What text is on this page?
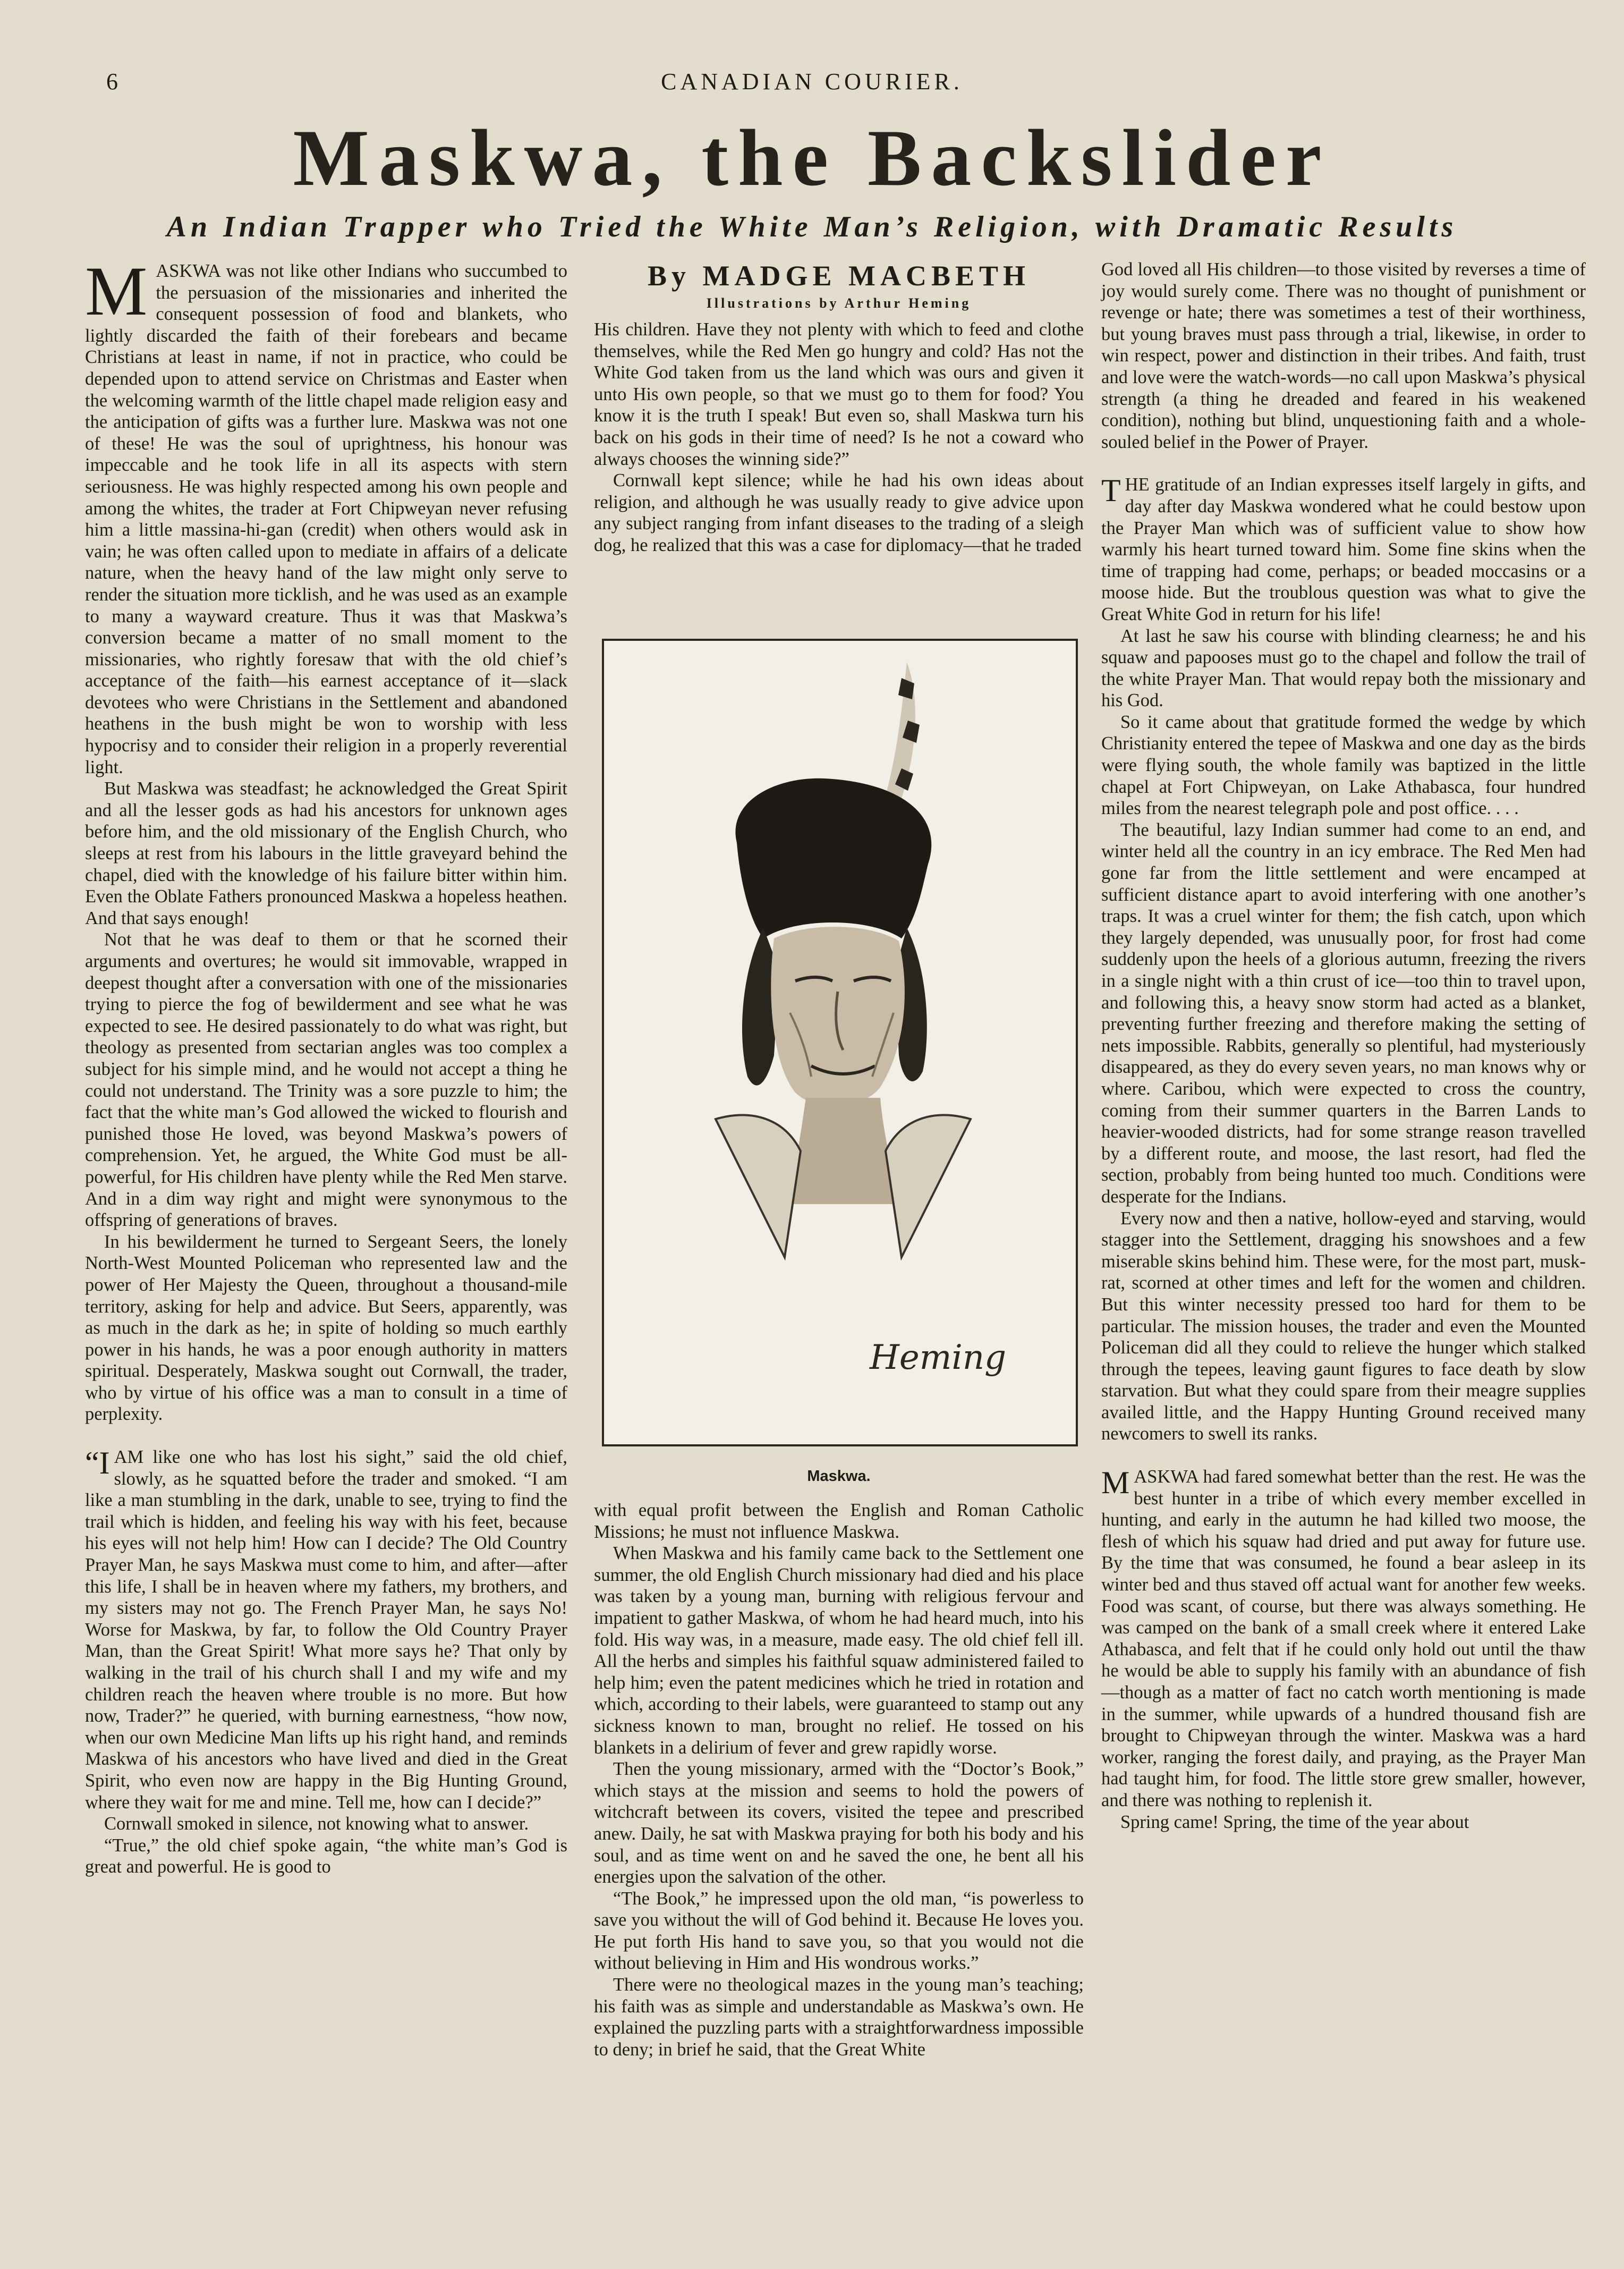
6	CANADIAN COURIER.
Maskwa, the Backslider
An Indian Trapper who Tried the White Man’s Religion, with Dramatic Results

MASKWA was not like other Indians who succumbed to the persuasion of the missionaries and inherited the consequent possession of food and blankets, who lightly discarded the faith of their forebears and became Christians at least in name, if not in practice, who could be depended upon to attend service on Christmas and Easter when the welcoming warmth of the little chapel made religion easy and the anticipation of gifts was a further lure. Maskwa was not one of these! He was the soul of uprightness, his honour was impeccable and he took life in all its aspects with stern seriousness. He was highly respected among his own people and among the whites, the trader at Fort Chipweyan never refusing him a little massina-hi-gan (credit) when others would ask in vain; he was often called upon to mediate in affairs of a delicate nature, when the heavy hand of the law might only serve to render the situation more ticklish, and he was used as an example to many a wayward creature. Thus it was that Maskwa’s conversion became a matter of no small moment to the missionaries, who rightly foresaw that with the old chief’s acceptance of the faith—his earnest acceptance of it—slack devotees who were Christians in the Settlement and abandoned heathens in the bush might be won to worship with less hypocrisy and to consider their religion in a properly reverential light.

But Maskwa was steadfast; he acknowledged the Great Spirit and all the lesser gods as had his ancestors for unknown ages before him, and the old missionary of the English Church, who sleeps at rest from his labours in the little graveyard behind the chapel, died with the knowledge of his failure bitter within him. Even the Oblate Fathers pronounced Maskwa a hopeless heathen. And that says enough!

Not that he was deaf to them or that he scorned their arguments and overtures; he would sit immovable, wrapped in deepest thought after a conversation with one of the missionaries trying to pierce the fog of bewilderment and see what he was expected to see. He desired passionately to do what was right, but theology as presented from sectarian angles was too complex a subject for his simple mind, and he would not accept a thing he could not understand. The Trinity was a sore puzzle to him; the fact that the white man’s God allowed the wicked to flourish and punished those He loved, was beyond Maskwa’s powers of comprehension. Yet, he argued, the White God must be all-powerful, for His children have plenty while the Red Men starve. And in a dim way right and might were synonymous to the offspring of generations of braves.

In his bewilderment he turned to Sergeant Seers, the lonely North-West Mounted Policeman who represented law and the power of Her Majesty the Queen, throughout a thousand-mile territory, asking for help and advice. But Seers, apparently, was as much in the dark as he; in spite of holding so much earthly power in his hands, he was a poor enough authority in matters spiritual. Desperately, Maskwa sought out Cornwall, the trader, who by virtue of his office was a man to consult in a time of perplexity.

“IAM like one who has lost his sight,” said the old chief, slowly, as he squatted before the trader and smoked. “I am like a man stumbling in the dark, unable to see, trying to find the trail which is hidden, and feeling his way with his feet, because his eyes will not help him! How can I decide? The Old Country Prayer Man, he says Maskwa must come to him, and after—after this life, I shall be in heaven where my fathers, my brothers, and my sisters may not go. The French Prayer Man, he says No! Worse for Maskwa, by far, to follow the Old Country Prayer Man, than the Great Spirit! What more says he? That only by walking in the trail of his church shall I and my wife and my children reach the heaven where trouble is no more. But how now, Trader?” he queried, with burning earnestness, “how now, when our own Medicine Man lifts up his right hand, and reminds Maskwa of his ancestors who have lived and died in the Great Spirit, who even now are happy in the Big Hunting Ground, where they wait for me and mine. Tell me, how can I decide?”

Cornwall smoked in silence, not knowing what to answer.

“True,” the old chief spoke again, “the white man’s God is great and powerful. He is good to

By MADGE MACBETH
Illustrations by Arthur Heming

His children. Have they not plenty with which to feed and clothe themselves, while the Red Men go hungry and cold? Has not the White God taken from us the land which was ours and given it unto His own people, so that we must go to them for food? You know it is the truth I speak! But even so, shall Maskwa turn his back on his gods in their time of need? Is he not a coward who always chooses the winning side?”

Cornwall kept silence; while he had his own ideas about religion, and although he was usually ready to give advice upon any subject ranging from infant diseases to the trading of a sleigh dog, he realized that this was a case for diplomacy—that he traded

Heming
Maskwa.

with equal profit between the English and Roman Catholic Missions; he must not influence Maskwa.

When Maskwa and his family came back to the Settlement one summer, the old English Church missionary had died and his place was taken by a young man, burning with religious fervour and impatient to gather Maskwa, of whom he had heard much, into his fold. His way was, in a measure, made easy. The old chief fell ill. All the herbs and simples his faithful squaw administered failed to help him; even the patent medicines which he tried in rotation and which, according to their labels, were guaranteed to stamp out any sickness known to man, brought no relief. He tossed on his blankets in a delirium of fever and grew rapidly worse.

Then the young missionary, armed with the “Doctor’s Book,” which stays at the mission and seems to hold the powers of witchcraft between its covers, visited the tepee and prescribed anew. Daily, he sat with Maskwa praying for both his body and his soul, and as time went on and he saved the one, he bent all his energies upon the salvation of the other.

“The Book,” he impressed upon the old man, “is powerless to save you without the will of God behind it. Because He loves you. He put forth His hand to save you, so that you would not die without believing in Him and His wondrous works.”

There were no theological mazes in the young man’s teaching; his faith was as simple and understandable as Maskwa’s own. He explained the puzzling parts with a straightforwardness impossible to deny; in brief he said, that the Great White

God loved all His children—to those visited by reverses a time of joy would surely come. There was no thought of punishment or revenge or hate; there was sometimes a test of their worthiness, but young braves must pass through a trial, likewise, in order to win respect, power and distinction in their tribes. And faith, trust and love were the watch-words—no call upon Maskwa’s physical strength (a thing he dreaded and feared in his weakened condition), nothing but blind, unquestioning faith and a whole-souled belief in the Power of Prayer.

THE gratitude of an Indian expresses itself largely in gifts, and day after day Maskwa wondered what he could bestow upon the Prayer Man which was of sufficient value to show how warmly his heart turned toward him. Some fine skins when the time of trapping had come, perhaps; or beaded moccasins or a moose hide. But the troublous question was what to give the Great White God in return for his life!

At last he saw his course with blinding clearness; he and his squaw and papooses must go to the chapel and follow the trail of the white Prayer Man. That would repay both the missionary and his God.

So it came about that gratitude formed the wedge by which Christianity entered the tepee of Maskwa and one day as the birds were flying south, the whole family was baptized in the little chapel at Fort Chipweyan, on Lake Athabasca, four hundred miles from the nearest telegraph pole and post office. . . .

The beautiful, lazy Indian summer had come to an end, and winter held all the country in an icy embrace. The Red Men had gone far from the little settlement and were encamped at sufficient distance apart to avoid interfering with one another’s traps. It was a cruel winter for them; the fish catch, upon which they largely depended, was unusually poor, for frost had come suddenly upon the heels of a glorious autumn, freezing the rivers in a single night with a thin crust of ice—too thin to travel upon, and following this, a heavy snow storm had acted as a blanket, preventing further freezing and therefore making the setting of nets impossible. Rabbits, generally so plentiful, had mysteriously disappeared, as they do every seven years, no man knows why or where. Caribou, which were expected to cross the country, coming from their summer quarters in the Barren Lands to heavier-wooded districts, had for some strange reason travelled by a different route, and moose, the last resort, had fled the section, probably from being hunted too much. Conditions were desperate for the Indians.

Every now and then a native, hollow-eyed and starving, would stagger into the Settlement, dragging his snowshoes and a few miserable skins behind him. These were, for the most part, musk-rat, scorned at other times and left for the women and children. But this winter necessity pressed too hard for them to be particular. The mission houses, the trader and even the Mounted Policeman did all they could to relieve the hunger which stalked through the tepees, leaving gaunt figures to face death by slow starvation. But what they could spare from their meagre supplies availed little, and the Happy Hunting Ground received many newcomers to swell its ranks.

MASKWA had fared somewhat better than the rest. He was the best hunter in a tribe of which every member excelled in hunting, and early in the autumn he had killed two moose, the flesh of which his squaw had dried and put away for future use. By the time that was consumed, he found a bear asleep in its winter bed and thus staved off actual want for another few weeks. Food was scant, of course, but there was always something. He was camped on the bank of a small creek where it entered Lake Athabasca, and felt that if he could only hold out until the thaw he would be able to supply his family with an abundance of fish—though as a matter of fact no catch worth mentioning is made in the summer, while upwards of a hundred thousand fish are brought to Chipweyan through the winter. Maskwa was a hard worker, ranging the forest daily, and praying, as the Prayer Man had taught him, for food. The little store grew smaller, however, and there was nothing to replenish it.

Spring came! Spring, the time of the year about
